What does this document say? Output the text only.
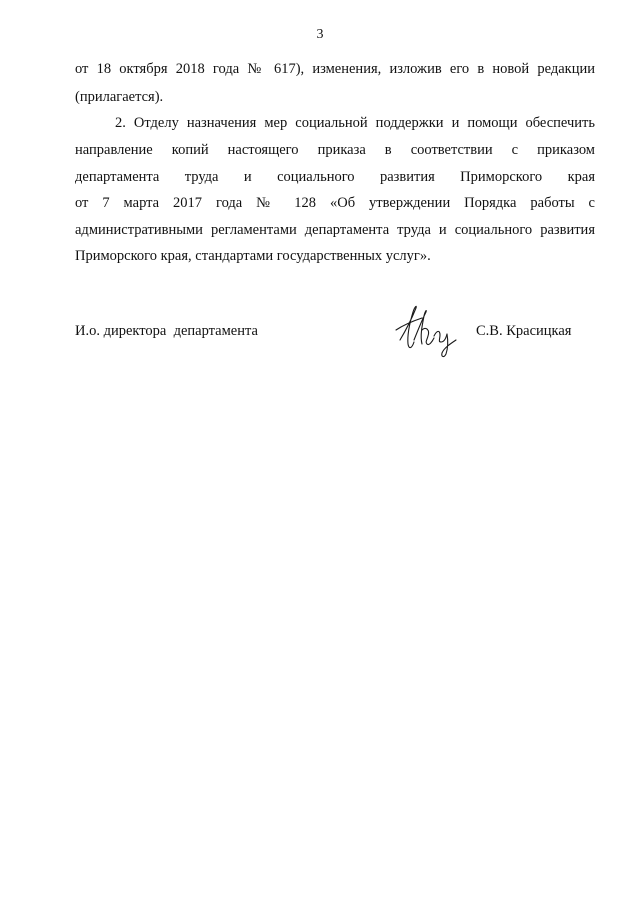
3
от 18 октября 2018 года № 617), изменения, изложив его в новой редакции
(прилагается).
2. Отделу назначения мер социальной поддержки и помощи обеспечить
направление копий настоящего приказа в соответствии с приказом
департамента труда и социального развития Приморского края
от 7 марта 2017 года № 128 «Об утверждении Порядка работы с
административными регламентами департамента труда и социального развития
Приморского края, стандартами государственных услуг».
И.о. директора  департамента	С.В. Красицкая
